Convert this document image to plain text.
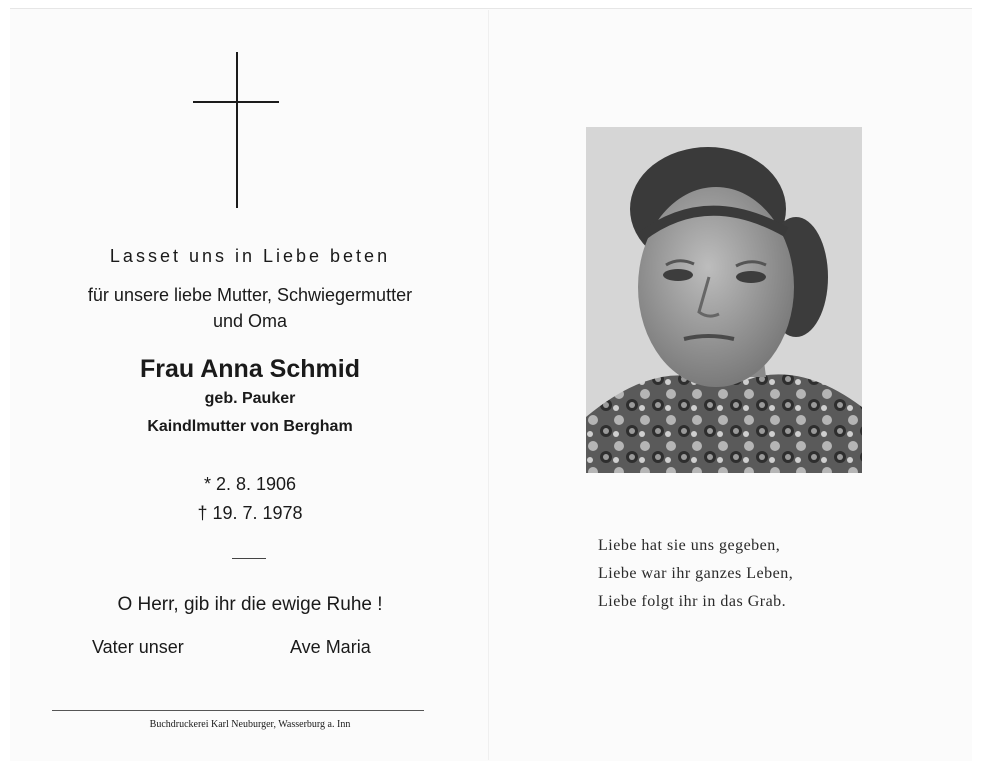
Lasset uns in Liebe beten
für unsere liebe Mutter, Schwiegermutter
und Oma
Frau Anna Schmid
geb. Pauker
Kaindlmutter von Bergham
* 2. 8. 1906
† 19. 7. 1978
O Herr, gib ihr die ewige Ruhe !
Vater unser	Ave Maria
Buchdruckerei Karl Neuburger, Wasserburg a. Inn
Liebe hat sie uns gegeben,
Liebe war ihr ganzes Leben,
Liebe folgt ihr in das Grab.
